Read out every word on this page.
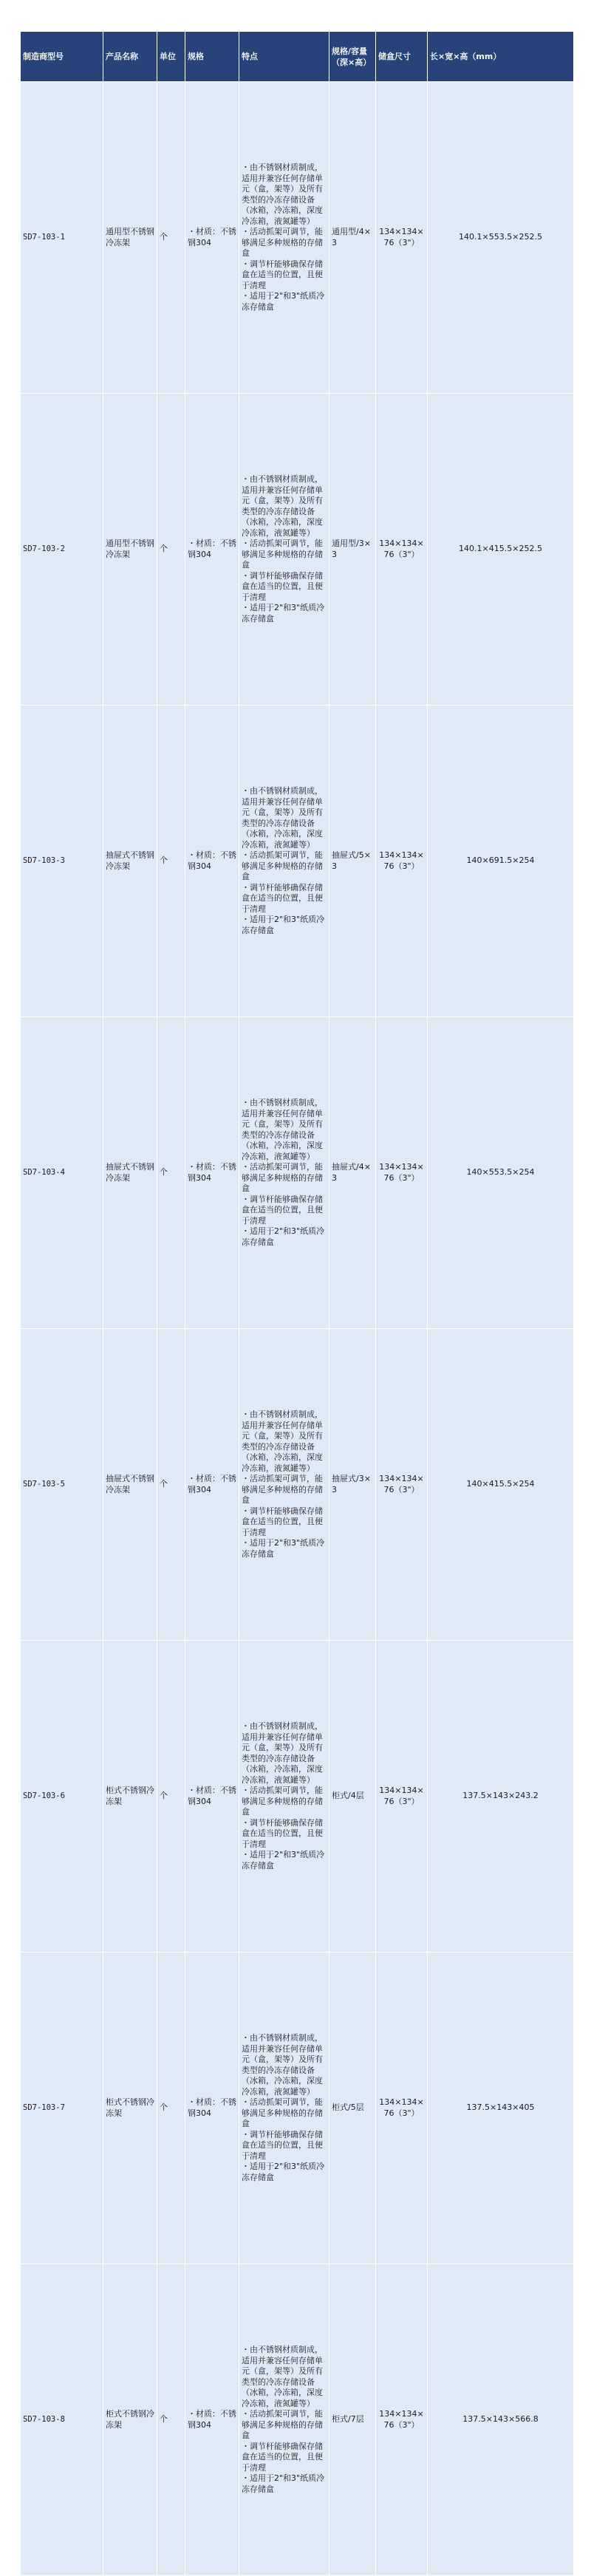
制造商型号	产品名称	单位	规格	特点	规格/容量（深×高）	储盒尺寸	长×宽×高（mm）
SD7-103-1	通用型不锈钢冷冻架	个	・材质：不锈钢304	・由不锈钢材质制成，适用并兼容任何存储单元（盒，架等）及所有类型的冷冻存储设备（冰箱，冷冻箱，深度冷冻箱，液氮罐等）
・活动抓架可调节，能够满足多种规格的存储盒
・调节杆能够确保存储盒在适当的位置，且便于清理
・适用于2"和3"纸质冷冻存储盒	通用型/4×3	134×134×76（3"）	140.1×553.5×252.5
SD7-103-2	通用型不锈钢冷冻架	个	・材质：不锈钢304	・由不锈钢材质制成，适用并兼容任何存储单元（盒，架等）及所有类型的冷冻存储设备（冰箱，冷冻箱，深度冷冻箱，液氮罐等）
・活动抓架可调节，能够满足多种规格的存储盒
・调节杆能够确保存储盒在适当的位置，且便于清理
・适用于2"和3"纸质冷冻存储盒	通用型/3×3	134×134×76（3"）	140.1×415.5×252.5
SD7-103-3	抽屉式不锈钢冷冻架	个	・材质：不锈钢304	・由不锈钢材质制成，适用并兼容任何存储单元（盒，架等）及所有类型的冷冻存储设备（冰箱，冷冻箱，深度冷冻箱，液氮罐等）
・活动抓架可调节，能够满足多种规格的存储盒
・调节杆能够确保存储盒在适当的位置，且便于清理
・适用于2"和3"纸质冷冻存储盒	抽屉式/5×3	134×134×76（3"）	140×691.5×254
SD7-103-4	抽屉式不锈钢冷冻架	个	・材质：不锈钢304	・由不锈钢材质制成，适用并兼容任何存储单元（盒，架等）及所有类型的冷冻存储设备（冰箱，冷冻箱，深度冷冻箱，液氮罐等）
・活动抓架可调节，能够满足多种规格的存储盒
・调节杆能够确保存储盒在适当的位置，且便于清理
・适用于2"和3"纸质冷冻存储盒	抽屉式/4×3	134×134×76（3"）	140×553.5×254
SD7-103-5	抽屉式不锈钢冷冻架	个	・材质：不锈钢304	・由不锈钢材质制成，适用并兼容任何存储单元（盒，架等）及所有类型的冷冻存储设备（冰箱，冷冻箱，深度冷冻箱，液氮罐等）
・活动抓架可调节，能够满足多种规格的存储盒
・调节杆能够确保存储盒在适当的位置，且便于清理
・适用于2"和3"纸质冷冻存储盒	抽屉式/3×3	134×134×76（3"）	140×415.5×254
SD7-103-6	柜式不锈钢冷冻架	个	・材质：不锈钢304	・由不锈钢材质制成，适用并兼容任何存储单元（盒，架等）及所有类型的冷冻存储设备（冰箱，冷冻箱，深度冷冻箱，液氮罐等）
・活动抓架可调节，能够满足多种规格的存储盒
・调节杆能够确保存储盒在适当的位置，且便于清理
・适用于2"和3"纸质冷冻存储盒	柜式/4层	134×134×76（3"）	137.5×143×243.2
SD7-103-7	柜式不锈钢冷冻架	个	・材质：不锈钢304	・由不锈钢材质制成，适用并兼容任何存储单元（盒，架等）及所有类型的冷冻存储设备（冰箱，冷冻箱，深度冷冻箱，液氮罐等）
・活动抓架可调节，能够满足多种规格的存储盒
・调节杆能够确保存储盒在适当的位置，且便于清理
・适用于2"和3"纸质冷冻存储盒	柜式/5层	134×134×76（3"）	137.5×143×405
SD7-103-8	柜式不锈钢冷冻架	个	・材质：不锈钢304	・由不锈钢材质制成，适用并兼容任何存储单元（盒，架等）及所有类型的冷冻存储设备（冰箱，冷冻箱，深度冷冻箱，液氮罐等）
・活动抓架可调节，能够满足多种规格的存储盒
・调节杆能够确保存储盒在适当的位置，且便于清理
・适用于2"和3"纸质冷冻存储盒	柜式/7层	134×134×76（3"）	137.5×143×566.8
